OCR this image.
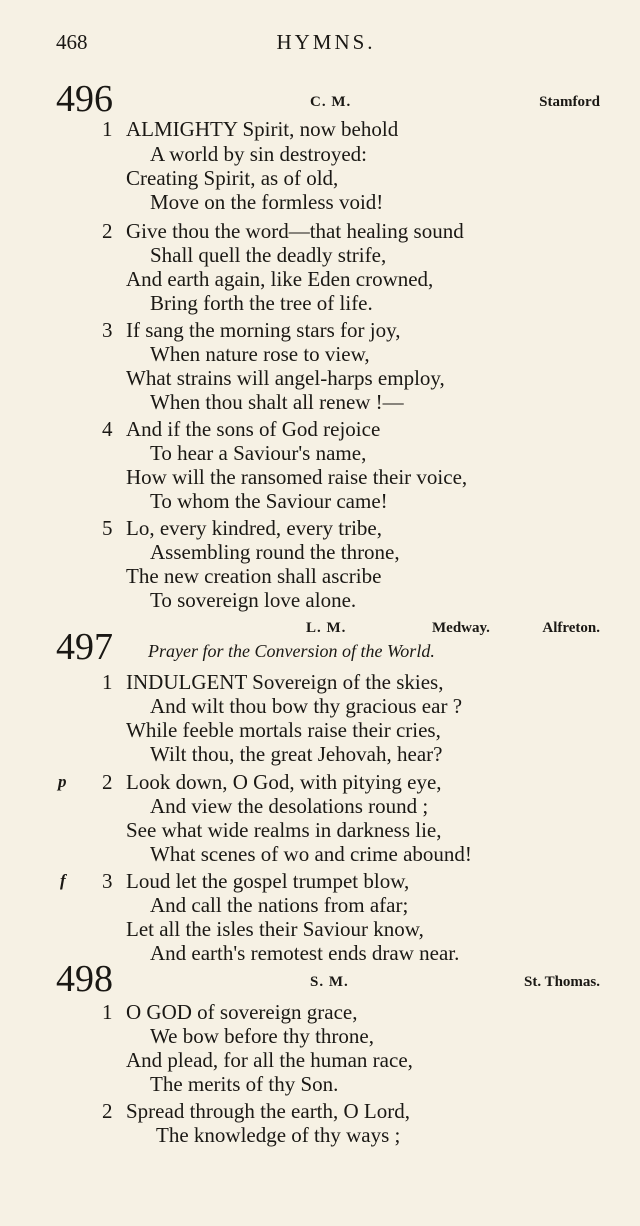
468	HYMNS.
496	C. M.	Stamford
1 ALMIGHTY Spirit, now behold
A world by sin destroyed:
Creating Spirit, as of old,
Move on the formless void!
2 Give thou the word—that healing sound
Shall quell the deadly strife,
And earth again, like Eden crowned,
Bring forth the tree of life.
3 If sang the morning stars for joy,
When nature rose to view,
What strains will angel-harps employ,
When thou shalt all renew !—
4 And if the sons of God rejoice
To hear a Saviour's name,
How will the ransomed raise their voice,
To whom the Saviour came!
5 Lo, every kindred, every tribe,
Assembling round the throne,
The new creation shall ascribe
To sovereign love alone.
497	L. M.	Medway.	Alfreton.
Prayer for the Conversion of the World.
1 INDULGENT Sovereign of the skies,
And wilt thou bow thy gracious ear ?
While feeble mortals raise their cries,
Wilt thou, the great Jehovah, hear?
p 2 Look down, O God, with pitying eye,
And view the desolations round ;
See what wide realms in darkness lie,
What scenes of wo and crime abound!
f 3 Loud let the gospel trumpet blow,
And call the nations from afar;
Let all the isles their Saviour know,
And earth's remotest ends draw near.
498	S. M.	St. Thomas.
1 O GOD of sovereign grace,
We bow before thy throne,
And plead, for all the human race,
The merits of thy Son.
2 Spread through the earth, O Lord,
The knowledge of thy ways ;
